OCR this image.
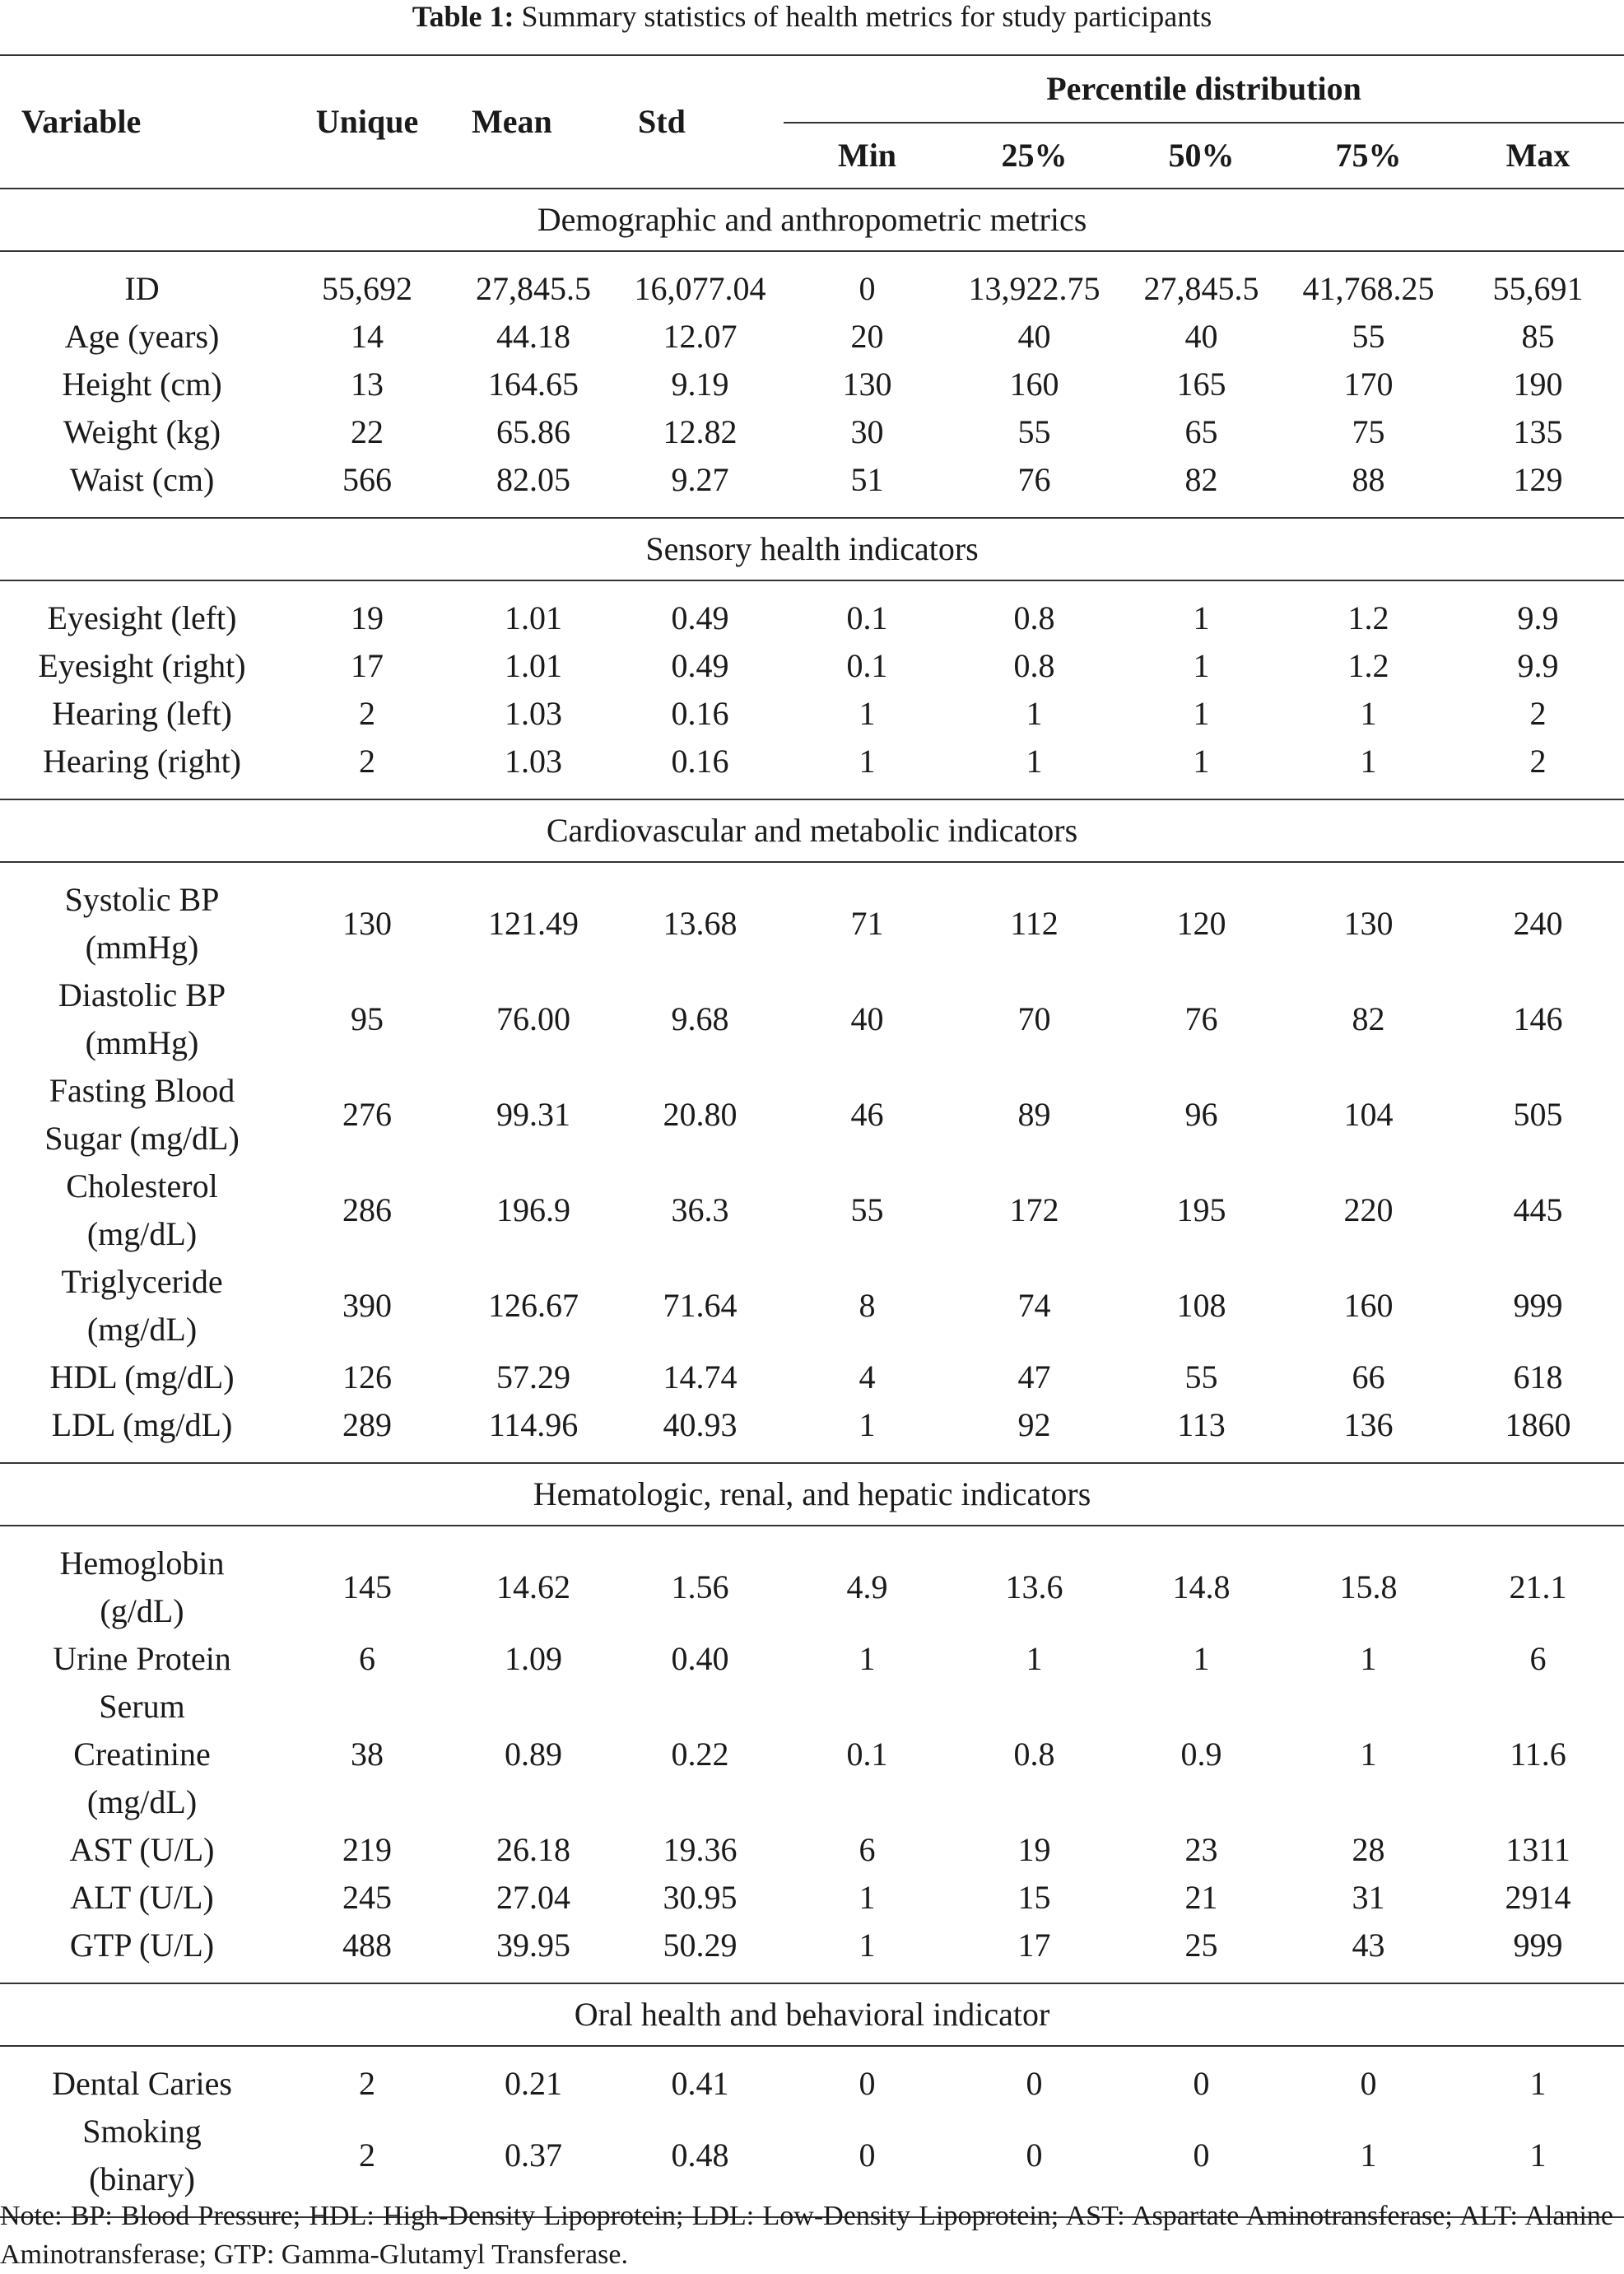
Table 1: Summary statistics of health metrics for study participants
Variable	Unique	Mean	Std	Percentile distribution				
				Min	25%	50%	75%	Max
Demographic and anthropometric metrics								

ID	55,692	27,845.5	16,077.04	0	13,922.75	27,845.5	41,768.25	55,691

Age (years)	14	44.18	12.07	20	40	40	55	85

Height (cm)	13	164.65	9.19	130	160	165	170	190

Weight (kg)	22	65.86	12.82	30	55	65	75	135

Waist (cm)	566	82.05	9.27	51	76	82	88	129

Sensory health indicators								

Eyesight (left)	19	1.01	0.49	0.1	0.8	1	1.2	9.9

Eyesight (right)	17	1.01	0.49	0.1	0.8	1	1.2	9.9

Hearing (left)	2	1.03	0.16	1	1	1	1	2

Hearing (right)	2	1.03	0.16	1	1	1	1	2

Cardiovascular and metabolic indicators								

Systolic BP
(mmHg)	130	121.49	13.68	71	112	120	130	240

Diastolic BP
(mmHg)	95	76.00	9.68	40	70	76	82	146

Fasting Blood
Sugar (mg/dL)	276	99.31	20.80	46	89	96	104	505

Cholesterol
(mg/dL)	286	196.9	36.3	55	172	195	220	445

Triglyceride
(mg/dL)	390	126.67	71.64	8	74	108	160	999

HDL (mg/dL)	126	57.29	14.74	4	47	55	66	618

LDL (mg/dL)	289	114.96	40.93	1	92	113	136	1860

Hematologic, renal, and hepatic indicators								

Hemoglobin
(g/dL)	145	14.62	1.56	4.9	13.6	14.8	15.8	21.1

Urine Protein	6	1.09	0.40	1	1	1	1	6

Serum
Creatinine
(mg/dL)	38	0.89	0.22	0.1	0.8	0.9	1	11.6

AST (U/L)	219	26.18	19.36	6	19	23	28	1311

ALT (U/L)	245	27.04	30.95	1	15	21	31	2914

GTP (U/L)	488	39.95	50.29	1	17	25	43	999

Oral health and behavioral indicator								

Dental Caries	2	0.21	0.41	0	0	0	0	1

Smoking
(binary)	2	0.37	0.48	0	0	0	1	1

Note: BP: Blood Pressure; HDL: High-Density Lipoprotein; LDL: Low-Density Lipoprotein; AST: Aspartate Aminotransferase; ALT: Alanine Aminotransferase; GTP: Gamma-Glutamyl Transferase.
